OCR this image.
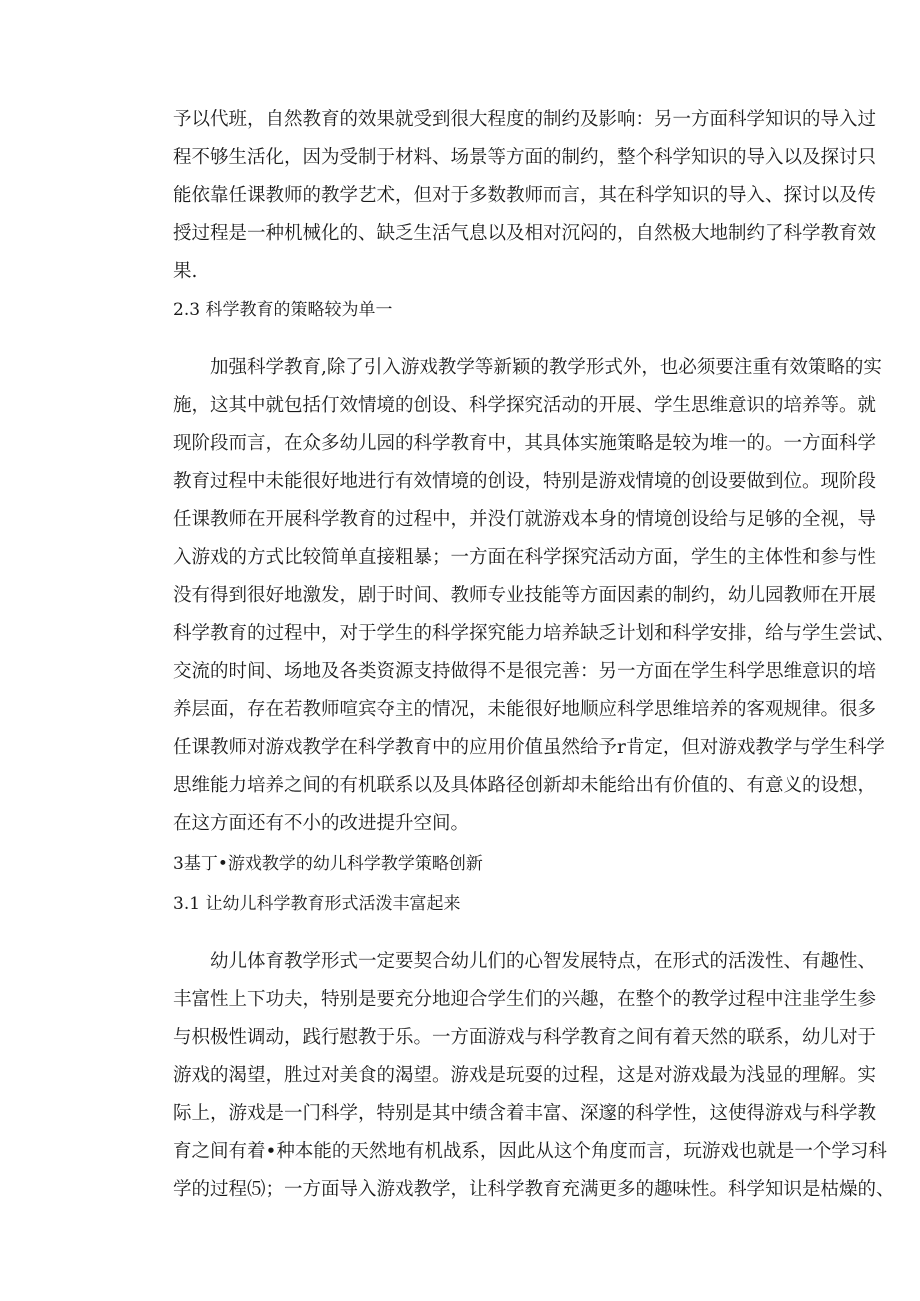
予以代班，自然教育的效果就受到很大程度的制约及影响：另一方面科学知识的导入过
程不够生活化，因为受制于材料、场景等方面的制约，整个科学知识的导入以及探讨只
能依靠任课教师的教学艺术，但对于多数教师而言，其在科学知识的导入、探讨以及传
授过程是一种机械化的、缺乏生活气息以及相对沉闷的，自然极大地制约了科学教育效
果.
2.3 科学教育的策略较为单一
加强科学教育,除了引入游戏教学等新颖的教学形式外，也必须要注重有效策略的实
施，这其中就包括仃效情境的创设、科学探究活动的开展、学生思维意识的培养等。就
现阶段而言，在众多幼儿园的科学教育中，其具体实施策略是较为堆一的。一方面科学
教育过程中未能很好地进行有效情境的创设，特别是游戏情境的创设要做到位。现阶段
任课教师在开展科学教育的过程中，并没仃就游戏本身的情境创设给与足够的全视，导
入游戏的方式比较简单直接粗暴；一方面在科学探究活动方面，学生的主体性和参与性
没有得到很好地激发，剧于时间、教师专业技能等方面因素的制约，幼儿园教师在开展
科学教育的过程中，对于学生的科学探究能力培养缺乏计划和科学安排，给与学生尝试、
交流的时间、场地及各类资源支持做得不是很完善：另一方面在学生科学思维意识的培
养层面，存在若教师喧宾夺主的情况，未能很好地顺应科学思维培养的客观规律。很多
任课教师对游戏教学在科学教育中的应用价值虽然给予r肯定，但对游戏教学与学生科学
思维能力培养之间的有机联系以及具体路径创新却未能给出有价值的、有意义的设想，
在这方面还有不小的改进提升空间。
3基丁•游戏教学的幼儿科学教学策略创新
3.1 让幼儿科学教育形式活泼丰富起来
幼儿体育教学形式一定要契合幼儿们的心智发展特点，在形式的活泼性、有趣性、
丰富性上下功夫，特别是要充分地迎合学生们的兴趣，在整个的教学过程中注韭学生参
与枳极性调动，践行慰教于乐。一方面游戏与科学教育之间有着天然的联系，幼儿对于
游戏的渴望，胜过对美食的渴望。游戏是玩耍的过程，这是对游戏最为浅显的理解。实
际上，游戏是一门科学，特别是其中绩含着丰富、深邃的科学性，这使得游戏与科学教
育之间有着•种本能的天然地有机战系，因此从这个角度而言，玩游戏也就是一个学习科
学的过程⑸；一方面导入游戏教学，让科学教育充满更多的趣味性。科学知识是枯燥的、
